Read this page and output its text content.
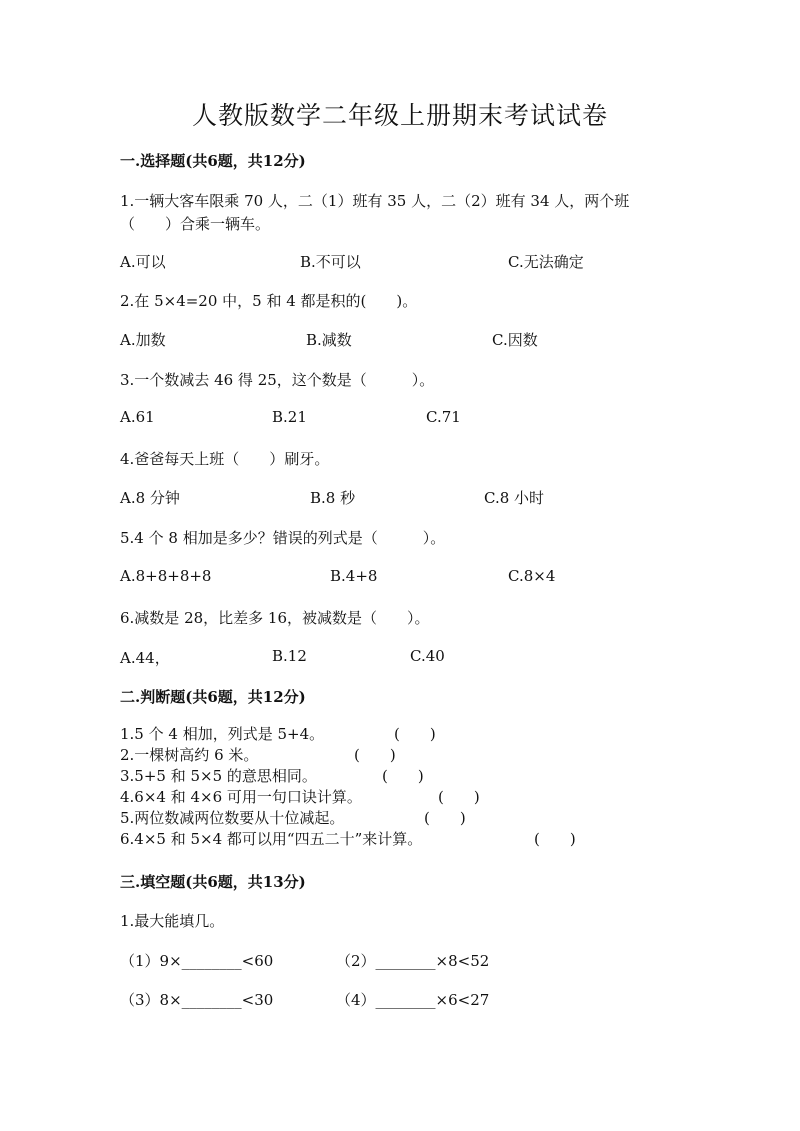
人教版数学二年级上册期末考试试卷
一.选择题(共6题，共12分)
1.一辆大客车限乘 70 人，二（1）班有 35 人，二（2）班有 34 人，两个班
（　　）合乘一辆车。
A.可以	B.不可以	C.无法确定
2.在 5×4=20 中，5 和 4 都是积的(　　)。
A.加数	B.减数	C.因数
3.一个数减去 46 得 25，这个数是（　　　）。
A.61	B.21	C.71
4.爸爸每天上班（　　）刷牙。
A.8 分钟	B.8 秒	C.8 小时
5.4 个 8 相加是多少？错误的列式是（　　　）。
A.8+8+8+8	B.4+8	C.8×4
6.减数是 28，比差多 16，被减数是（　　）。
A.44，	B.12	C.40
二.判断题(共6题，共12分)
1.5 个 4 相加，列式是 5+4。	(　　)
2.一棵树高约 6 米。	(　　)
3.5+5 和 5×5 的意思相同。	(　　)
4.6×4 和 4×6 可用一句口诀计算。	(　　)
5.两位数减两位数要从十位减起。	(　　)
6.4×5 和 5×4 都可以用“四五二十”来计算。	(　　)
三.填空题(共6题，共13分)
1.最大能填几。
（1）9×________<60	（2）________×8<52
（3）8×________<30	（4）________×6<27
